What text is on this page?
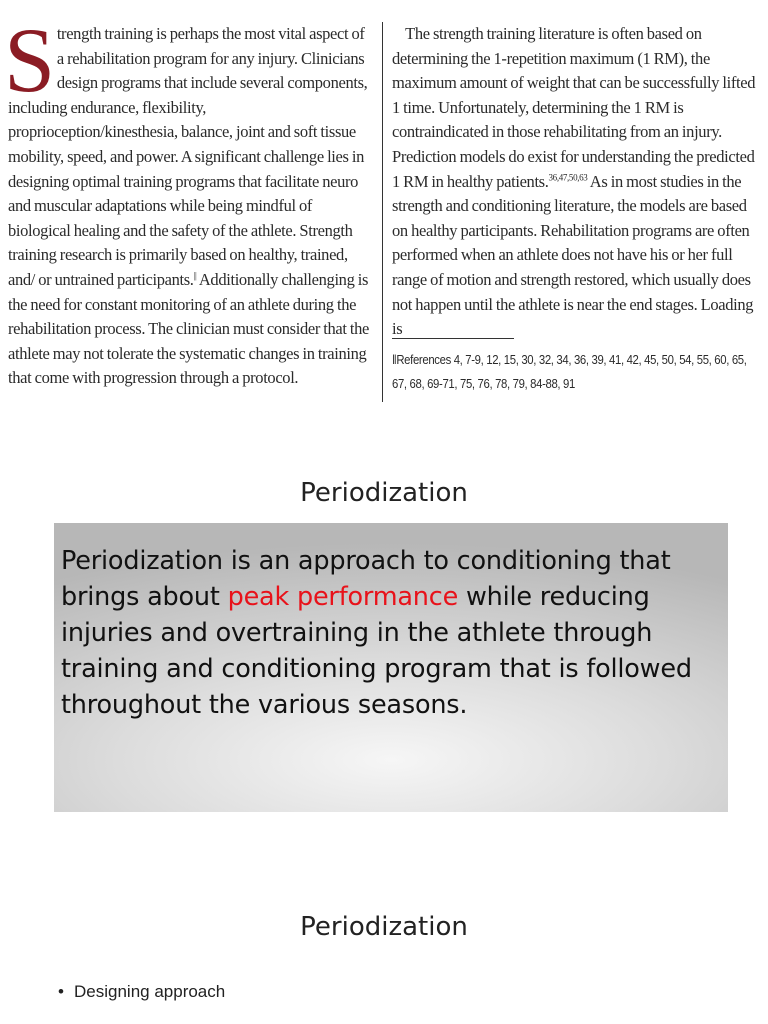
Strength training is perhaps the most vital aspect of a rehabilitation program for any injury. Clinicians design programs that include several components, including endurance, flexibility, proprioception/kinesthesia, balance, joint and soft tissue mobility, speed, and power. A significant challenge lies in designing optimal training programs that facilitate neuro and muscular adaptations while being mindful of biological healing and the safety of the athlete. Strength training research is primarily based on healthy, trained, and/ or untrained participants.|| Additionally challenging is the need for constant monitoring of an athlete during the rehabilitation process. The clinician must consider that the athlete may not tolerate the systematic changes in training that come with progression through a protocol.

The strength training literature is often based on determining the 1-repetition maximum (1 RM), the maximum amount of weight that can be successfully lifted 1 time. Unfortunately, determining the 1 RM is contraindicated in those rehabilitating from an injury. Prediction models do exist for understanding the predicted 1 RM in healthy patients.$^{36,47,50,63}$ As in most studies in the strength and conditioning literature, the models are based on healthy participants. Rehabilitation programs are often performed when an athlete does not have his or her full range of motion and strength restored, which usually does not happen until the athlete is near the end stages. Loading is

‖References 4, 7-9, 12, 15, 30, 32, 34, 36, 39, 41, 42, 45, 50, 54, 55, 60, 65, 67, 68, 69-71, 75, 76, 78, 79, 84-88, 91
Periodization

Periodization is an approach to conditioning that brings about peak performance while reducing injuries and overtraining in the athlete through training and conditioning program that is followed throughout the various seasons.

Periodization
• Designing approach
